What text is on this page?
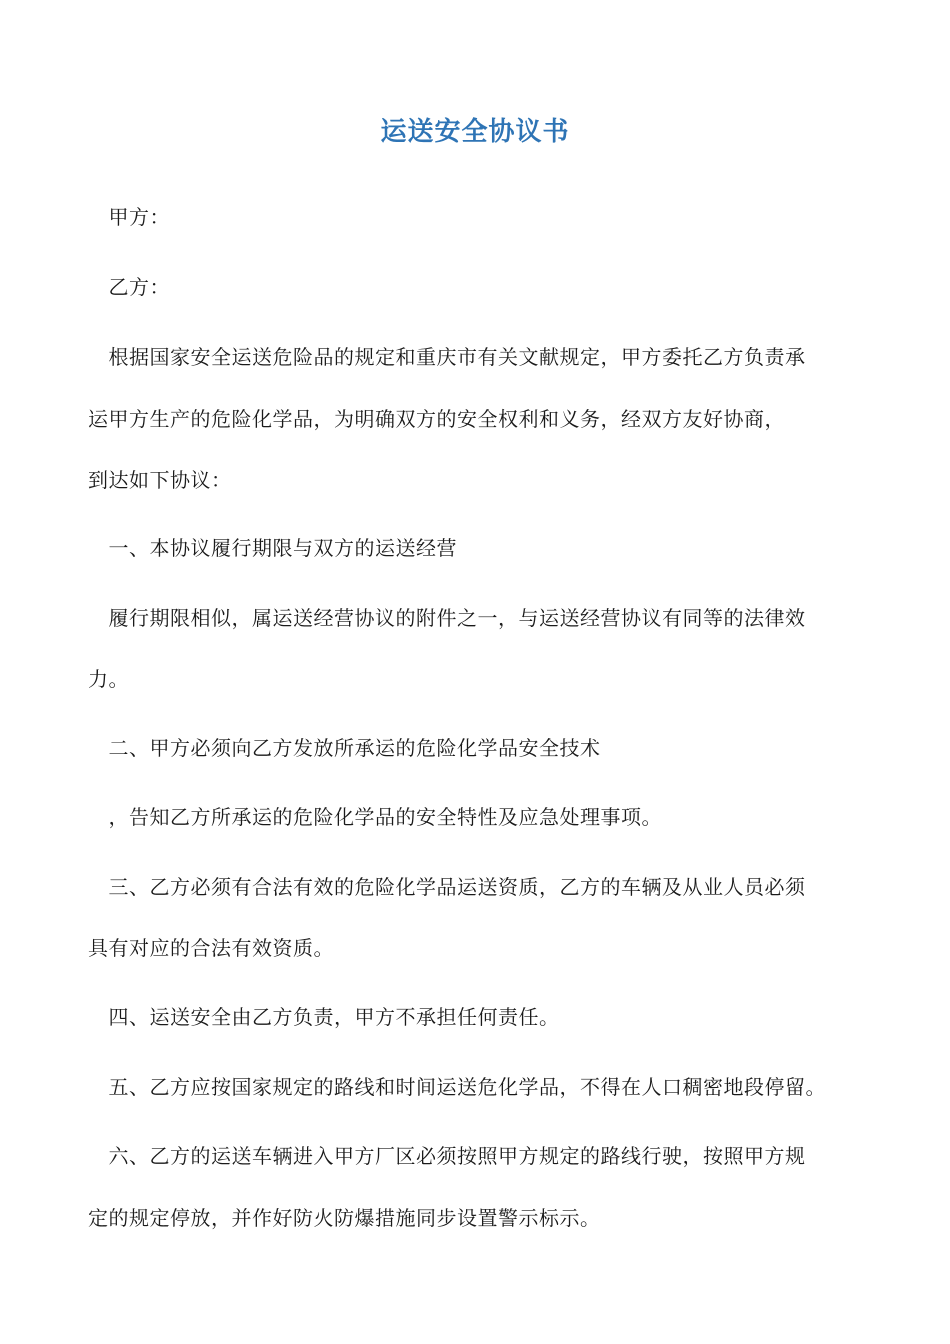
运送安全协议书
　甲方：
　乙方：
　根据国家安全运送危险品的规定和重庆市有关文献规定，甲方委托乙方负责承
运甲方生产的危险化学品，为明确双方的安全权利和义务，经双方友好协商，
到达如下协议：
　一、本协议履行期限与双方的运送经营
　履行期限相似，属运送经营协议的附件之一，与运送经营协议有同等的法律效
力。
　二、甲方必须向乙方发放所承运的危险化学品安全技术
　，告知乙方所承运的危险化学品的安全特性及应急处理事项。
　三、乙方必须有合法有效的危险化学品运送资质，乙方的车辆及从业人员必须
具有对应的合法有效资质。
　四、运送安全由乙方负责，甲方不承担任何责任。
　五、乙方应按国家规定的路线和时间运送危化学品，不得在人口稠密地段停留。
　六、乙方的运送车辆进入甲方厂区必须按照甲方规定的路线行驶，按照甲方规
定的规定停放，并作好防火防爆措施同步设置警示标示。
